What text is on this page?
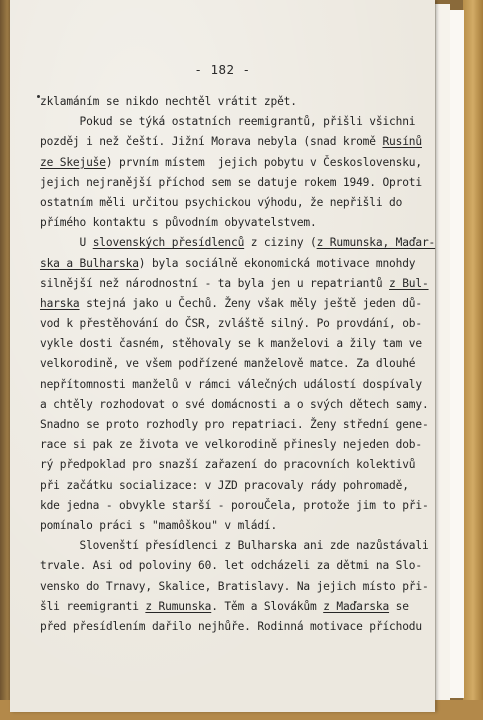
- 182 -
zklamáním se nikdo nechtěl vrátit zpět.
Pokud se týká ostatních reemigrantů, přišli všichni
pozděj i než čeští. Jižní Morava nebyla (snad kromě Rusínů
ze Skejuše) prvním místem  jejich pobytu v Československu,
jejich nejranější příchod sem se datuje rokem 1949. Oproti
ostatním měli určitou psychickou výhodu, že nepřišli do
přímého kontaktu s původním obyvatelstvem.
U slovenských přesídlenců z ciziny (z Rumunska, Maďar-
ska a Bulharska) byla sociálně ekonomická motivace mnohdy
silnější než národnostní - ta byla jen u repatriantů z Bul-
harska stejná jako u Čechů. Ženy však měly ještě jeden dů-
vod k přestěhování do ČSR, zvláště silný. Po provdání, ob-
vykle dosti časném, stěhovaly se k manželovi a žily tam ve
velkorodině, ve všem podřízené manželově matce. Za dlouhé
nepřítomnosti manželů v rámci válečných událostí dospívaly
a chtěly rozhodovat o své domácnosti a o svých dětech samy.
Snadno se proto rozhodly pro repatriaci. Ženy střední gene-
race si pak ze života ve velkorodině přinesly nejeden dob-
rý předpoklad pro snazší zařazení do pracovních kolektivů
při začátku socializace: v JZD pracovaly rády pohromadě,
kde jedna - obvykle starší - porouČela, protože jim to při-
pomínalo práci s "mamôškou" v mládí.
Slovenští přesídlenci z Bulharska ani zde nazůstávali
trvale. Asi od poloviny 60. let odcházeli za dětmi na Slo-
vensko do Trnavy, Skalice, Bratislavy. Na jejich místo při-
šli reemigranti z Rumunska. Těm a Slovákům z Maďarska se
před přesídlením dařilo nejhůře. Rodinná motivace příchodu
